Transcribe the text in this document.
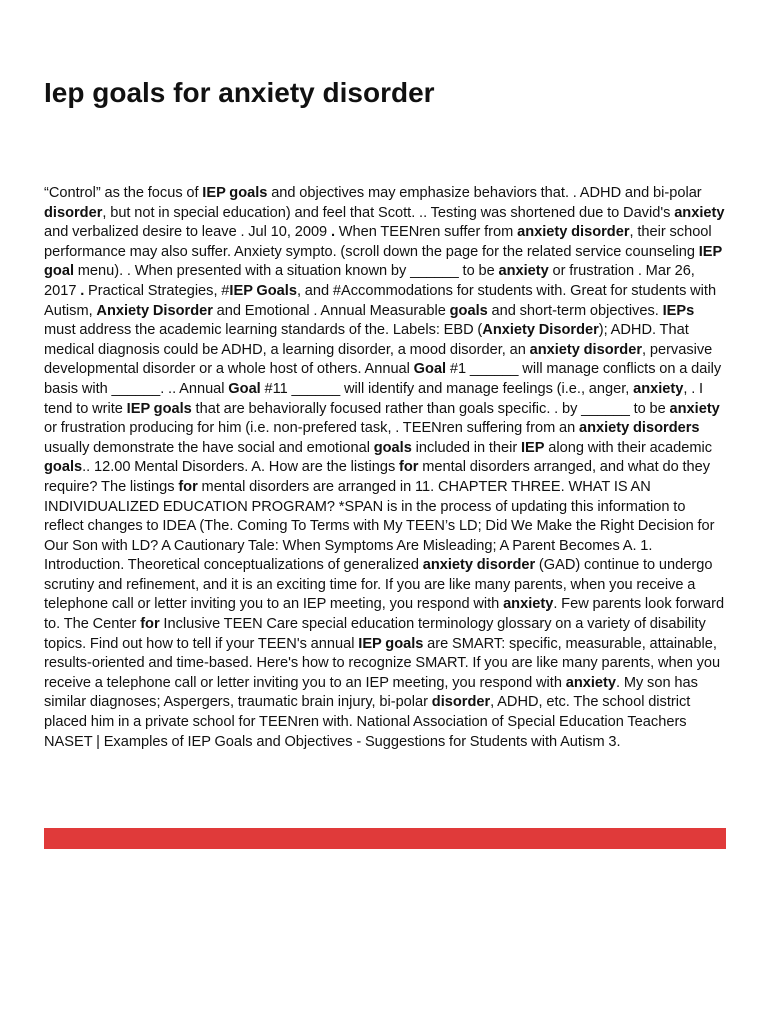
Iep goals for anxiety disorder

“Control” as the focus of IEP goals and objectives may emphasize behaviors that. . ADHD and bi-polar disorder, but not in special education) and feel that Scott. .. Testing was shortened due to David's anxiety and verbalized desire to leave . Jul 10, 2009 . When TEENren suffer from anxiety disorder, their school performance may also suffer. Anxiety sympto. (scroll down the page for the related service counseling IEP goal menu). . When presented with a situation known by ______ to be anxiety or frustration . Mar 26, 2017 . Practical Strategies, #IEP Goals, and #Accommodations for students with. Great for students with Autism, Anxiety Disorder and Emotional . Annual Measurable goals and short-term objectives. IEPs must address the academic learning standards of the. Labels: EBD (Anxiety Disorder); ADHD. That medical diagnosis could be ADHD, a learning disorder, a mood disorder, an anxiety disorder, pervasive developmental disorder or a whole host of others. Annual Goal #1 ______ will manage conflicts on a daily basis with ______. .. Annual Goal #11 ______ will identify and manage feelings (i.e., anger, anxiety, . I tend to write IEP goals that are behaviorally focused rather than goals specific. . by ______ to be anxiety or frustration producing for him (i.e. non-prefered task, . TEENren suffering from an anxiety disorders usually demonstrate the have social and emotional goals included in their IEP along with their academic goals.. 12.00 Mental Disorders. A. How are the listings for mental disorders arranged, and what do they require? The listings for mental disorders are arranged in 11. CHAPTER THREE. WHAT IS AN INDIVIDUALIZED EDUCATION PROGRAM? *SPAN is in the process of updating this information to reflect changes to IDEA (The. Coming To Terms with My TEEN’s LD; Did We Make the Right Decision for Our Son with LD? A Cautionary Tale: When Symptoms Are Misleading; A Parent Becomes A. 1. Introduction. Theoretical conceptualizations of generalized anxiety disorder (GAD) continue to undergo scrutiny and refinement, and it is an exciting time for. If you are like many parents, when you receive a telephone call or letter inviting you to an IEP meeting, you respond with anxiety. Few parents look forward to. The Center for Inclusive TEEN Care special education terminology glossary on a variety of disability topics. Find out how to tell if your TEEN's annual IEP goals are SMART: specific, measurable, attainable, results-oriented and time-based. Here's how to recognize SMART. If you are like many parents, when you receive a telephone call or letter inviting you to an IEP meeting, you respond with anxiety. My son has similar diagnoses; Aspergers, traumatic brain injury, bi-polar disorder, ADHD, etc. The school district placed him in a private school for TEENren with. National Association of Special Education Teachers NASET | Examples of IEP Goals and Objectives - Suggestions for Students with Autism 3.
